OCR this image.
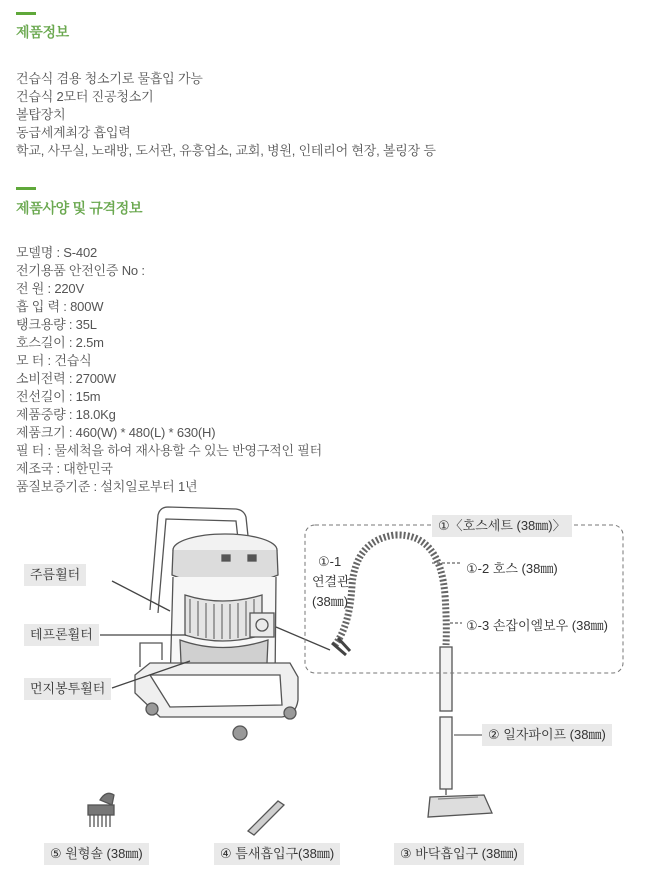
제품정보
건습식 겸용 청소기로 물흡입 가능
건습식 2모터 진공청소기
볼탑장치
동급세계최강 흡입력
학교, 사무실, 노래방, 도서관, 유흥업소, 교회, 병원, 인테리어 현장, 볼링장 등
제품사양 및 규격정보
모델명 : S-402
전기용품 안전인증 No :
전 원 : 220V
흡 입 력 : 800W
탱크용량 : 35L
호스길이 : 2.5m
모 터 : 건습식
소비전력 : 2700W
전선길이 : 15m
제품중량 : 18.0Kg
제품크기 : 460(W) * 480(L) * 630(H)
필 터 : 물세척을 하여 재사용할 수 있는 반영구적인 필터
제조국 : 대한민국
품질보증기준 : 설치일로부터 1년
주름휠터
테프론휠터
먼지봉투휠터
①〈호스세트 (38㎜)〉
①-1
연결관
(38㎜)
①-2 호스 (38㎜)
①-3 손잡이엘보우 (38㎜)
② 일자파이프 (38㎜)
⑤ 원형솔 (38㎜)	④ 틈새흡입구(38㎜)	③ 바닥흡입구 (38㎜)
